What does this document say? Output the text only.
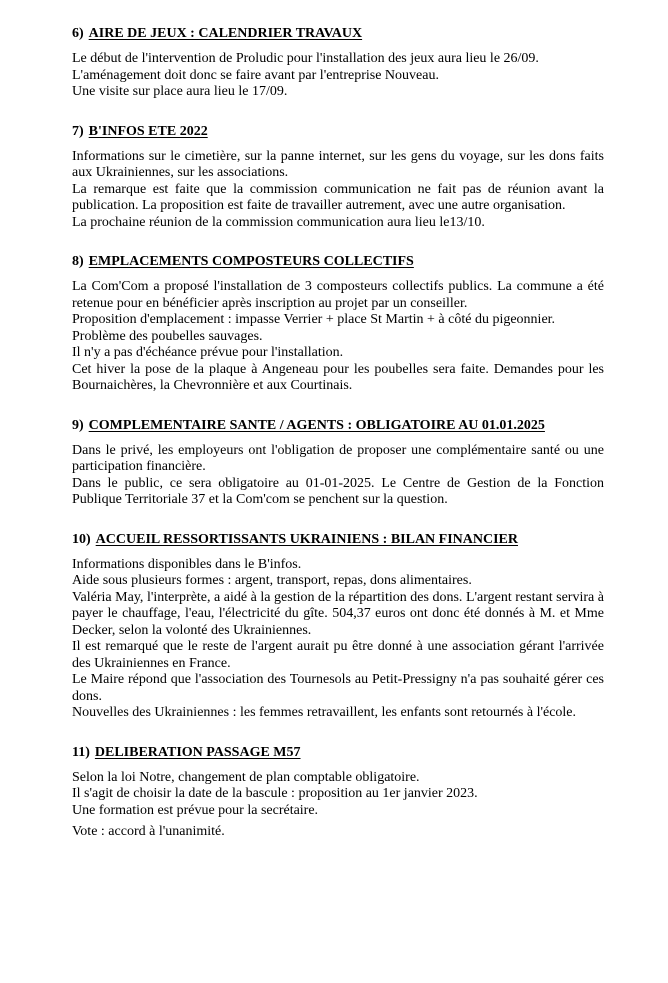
6) AIRE DE JEUX : CALENDRIER TRAVAUX

Le début de l'intervention de Proludic pour l'installation des jeux aura lieu le 26/09.

L'aménagement doit donc se faire avant par l'entreprise Nouveau.

Une visite sur place aura lieu le 17/09.

7) B'INFOS ETE 2022

Informations sur le cimetière, sur la panne internet, sur les gens du voyage, sur les dons faits aux Ukrainiennes, sur les associations.

La remarque est faite que la commission communication ne fait pas de réunion avant la publication. La proposition est faite de travailler autrement, avec une autre organisation.

La prochaine réunion de la commission communication aura lieu le13/10.

8) EMPLACEMENTS COMPOSTEURS COLLECTIFS

La Com'Com a proposé l'installation de 3 composteurs collectifs publics. La commune a été retenue pour en bénéficier après inscription au projet par un conseiller.

Proposition d'emplacement : impasse Verrier + place St Martin + à côté du pigeonnier.

Problème des poubelles sauvages.

Il n'y a pas d'échéance prévue pour l'installation.

Cet hiver la pose de la plaque à Angeneau pour les poubelles sera faite. Demandes pour les Bournaichères, la Chevronnière et aux Courtinais.

9) COMPLEMENTAIRE SANTE / AGENTS : OBLIGATOIRE AU 01.01.2025

Dans le privé, les employeurs ont l'obligation de proposer une complémentaire santé ou une participation financière.

Dans le public, ce sera obligatoire au 01-01-2025. Le Centre de Gestion de la Fonction Publique Territoriale 37 et la Com'com se penchent sur la question.

10) ACCUEIL RESSORTISSANTS UKRAINIENS : BILAN FINANCIER

Informations disponibles dans le B'infos.

Aide sous plusieurs formes : argent, transport, repas, dons alimentaires.

Valéria May, l'interprète, a aidé à la gestion de la répartition des dons. L'argent restant servira à payer le chauffage, l'eau, l'électricité du gîte. 504,37 euros ont donc été donnés à M. et Mme Decker, selon la volonté des Ukrainiennes.

Il est remarqué que le reste de l'argent aurait pu être donné à une association gérant l'arrivée des Ukrainiennes en France.

Le Maire répond que l'association des Tournesols au Petit-Pressigny n'a pas souhaité gérer ces dons.

Nouvelles des Ukrainiennes : les femmes retravaillent, les enfants sont retournés à l'école.

11) DELIBERATION PASSAGE M57

Selon la loi Notre, changement de plan comptable obligatoire.

Il s'agit de choisir la date de la bascule : proposition au 1er janvier 2023.

Une formation est prévue pour la secrétaire.

Vote : accord à l'unanimité.
